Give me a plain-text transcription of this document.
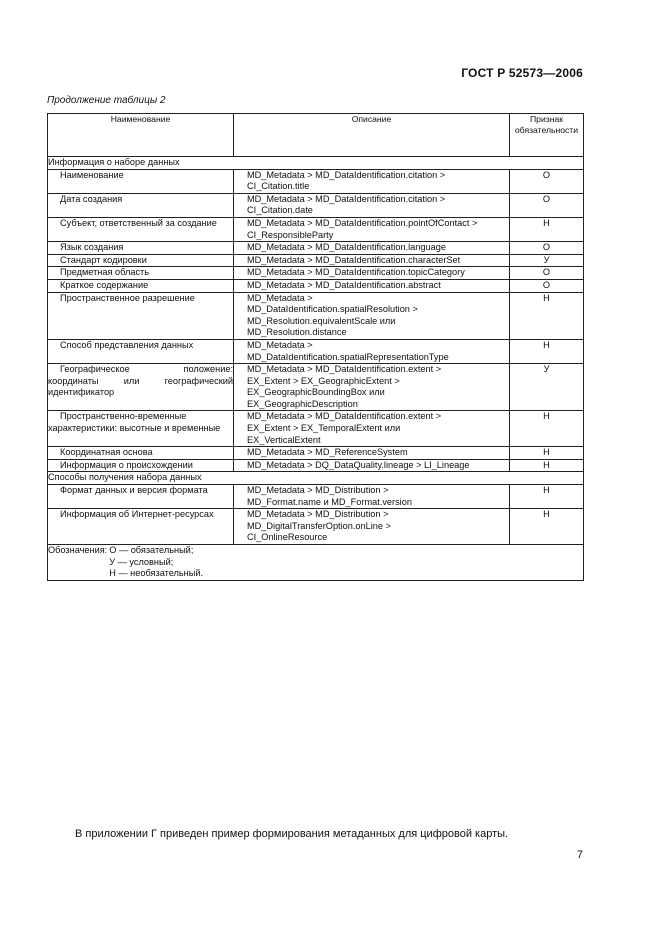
ГОСТ Р 52573—2006
Продолжение таблицы 2
Наименование	Описание	Признак обязательности
Информация о наборе данных		

Наименование	MD_Metadata > MD_DataIdentification.citation > CI_Citation.title	О

Дата создания	MD_Metadata > MD_DataIdentification.citation > CI_Citation.date	О

Субъект, ответственный за создание	MD_Metadata > MD_DataIdentification.pointOfContact > CI_ResponsibleParty	Н

Язык создания	MD_Metadata > MD_DataIdentification.language	О

Стандарт кодировки	MD_Metadata > MD_DataIdentification.characterSet	У

Предметная область	MD_Metadata > MD_DataIdentification.topicCategory	О

Краткое содержание	MD_Metadata > MD_DataIdentification.abstract	О

Пространственное разрешение	MD_Metadata >
MD_DataIdentification.spatialResolution >
MD_Resolution.equivalentScale или
MD_Resolution.distance	Н

Способ представления данных	MD_Metadata >
MD_DataIdentification.spatialRepresentationType	Н

Географическое положение: координаты или географический идентификатор	MD_Metadata > MD_DataIdentification.extent >
EX_Extent > EX_GeographicExtent >
EX_GeographicBoundingBox или
EX_GeographicDescription	У

Пространственно-временные характеристики: высотные и временные	MD_Metadata > MD_DataIdentification.extent >
EX_Extent > EX_TemporalExtent или
EX_VerticalExtent	Н

Координатная основа	MD_Metadata > MD_ReferenceSystem	Н

Информация о происхождении	MD_Metadata > DQ_DataQuality.lineage > LI_Lineage	Н
Способы получения набора данных		

Формат данных и версия формата	MD_Metadata > MD_Distribution >
MD_Format.name и MD_Format.version	Н

Информация об Интернет-ресурсах	MD_Metadata > MD_Distribution >
MD_DigitalTransferOption.onLine >
CI_OnlineResource	Н
Обозначения: О — обязательный;
У — условный;
Н — необязательный.		
В приложении Г приведен пример формирования метаданных для цифровой карты.
7
